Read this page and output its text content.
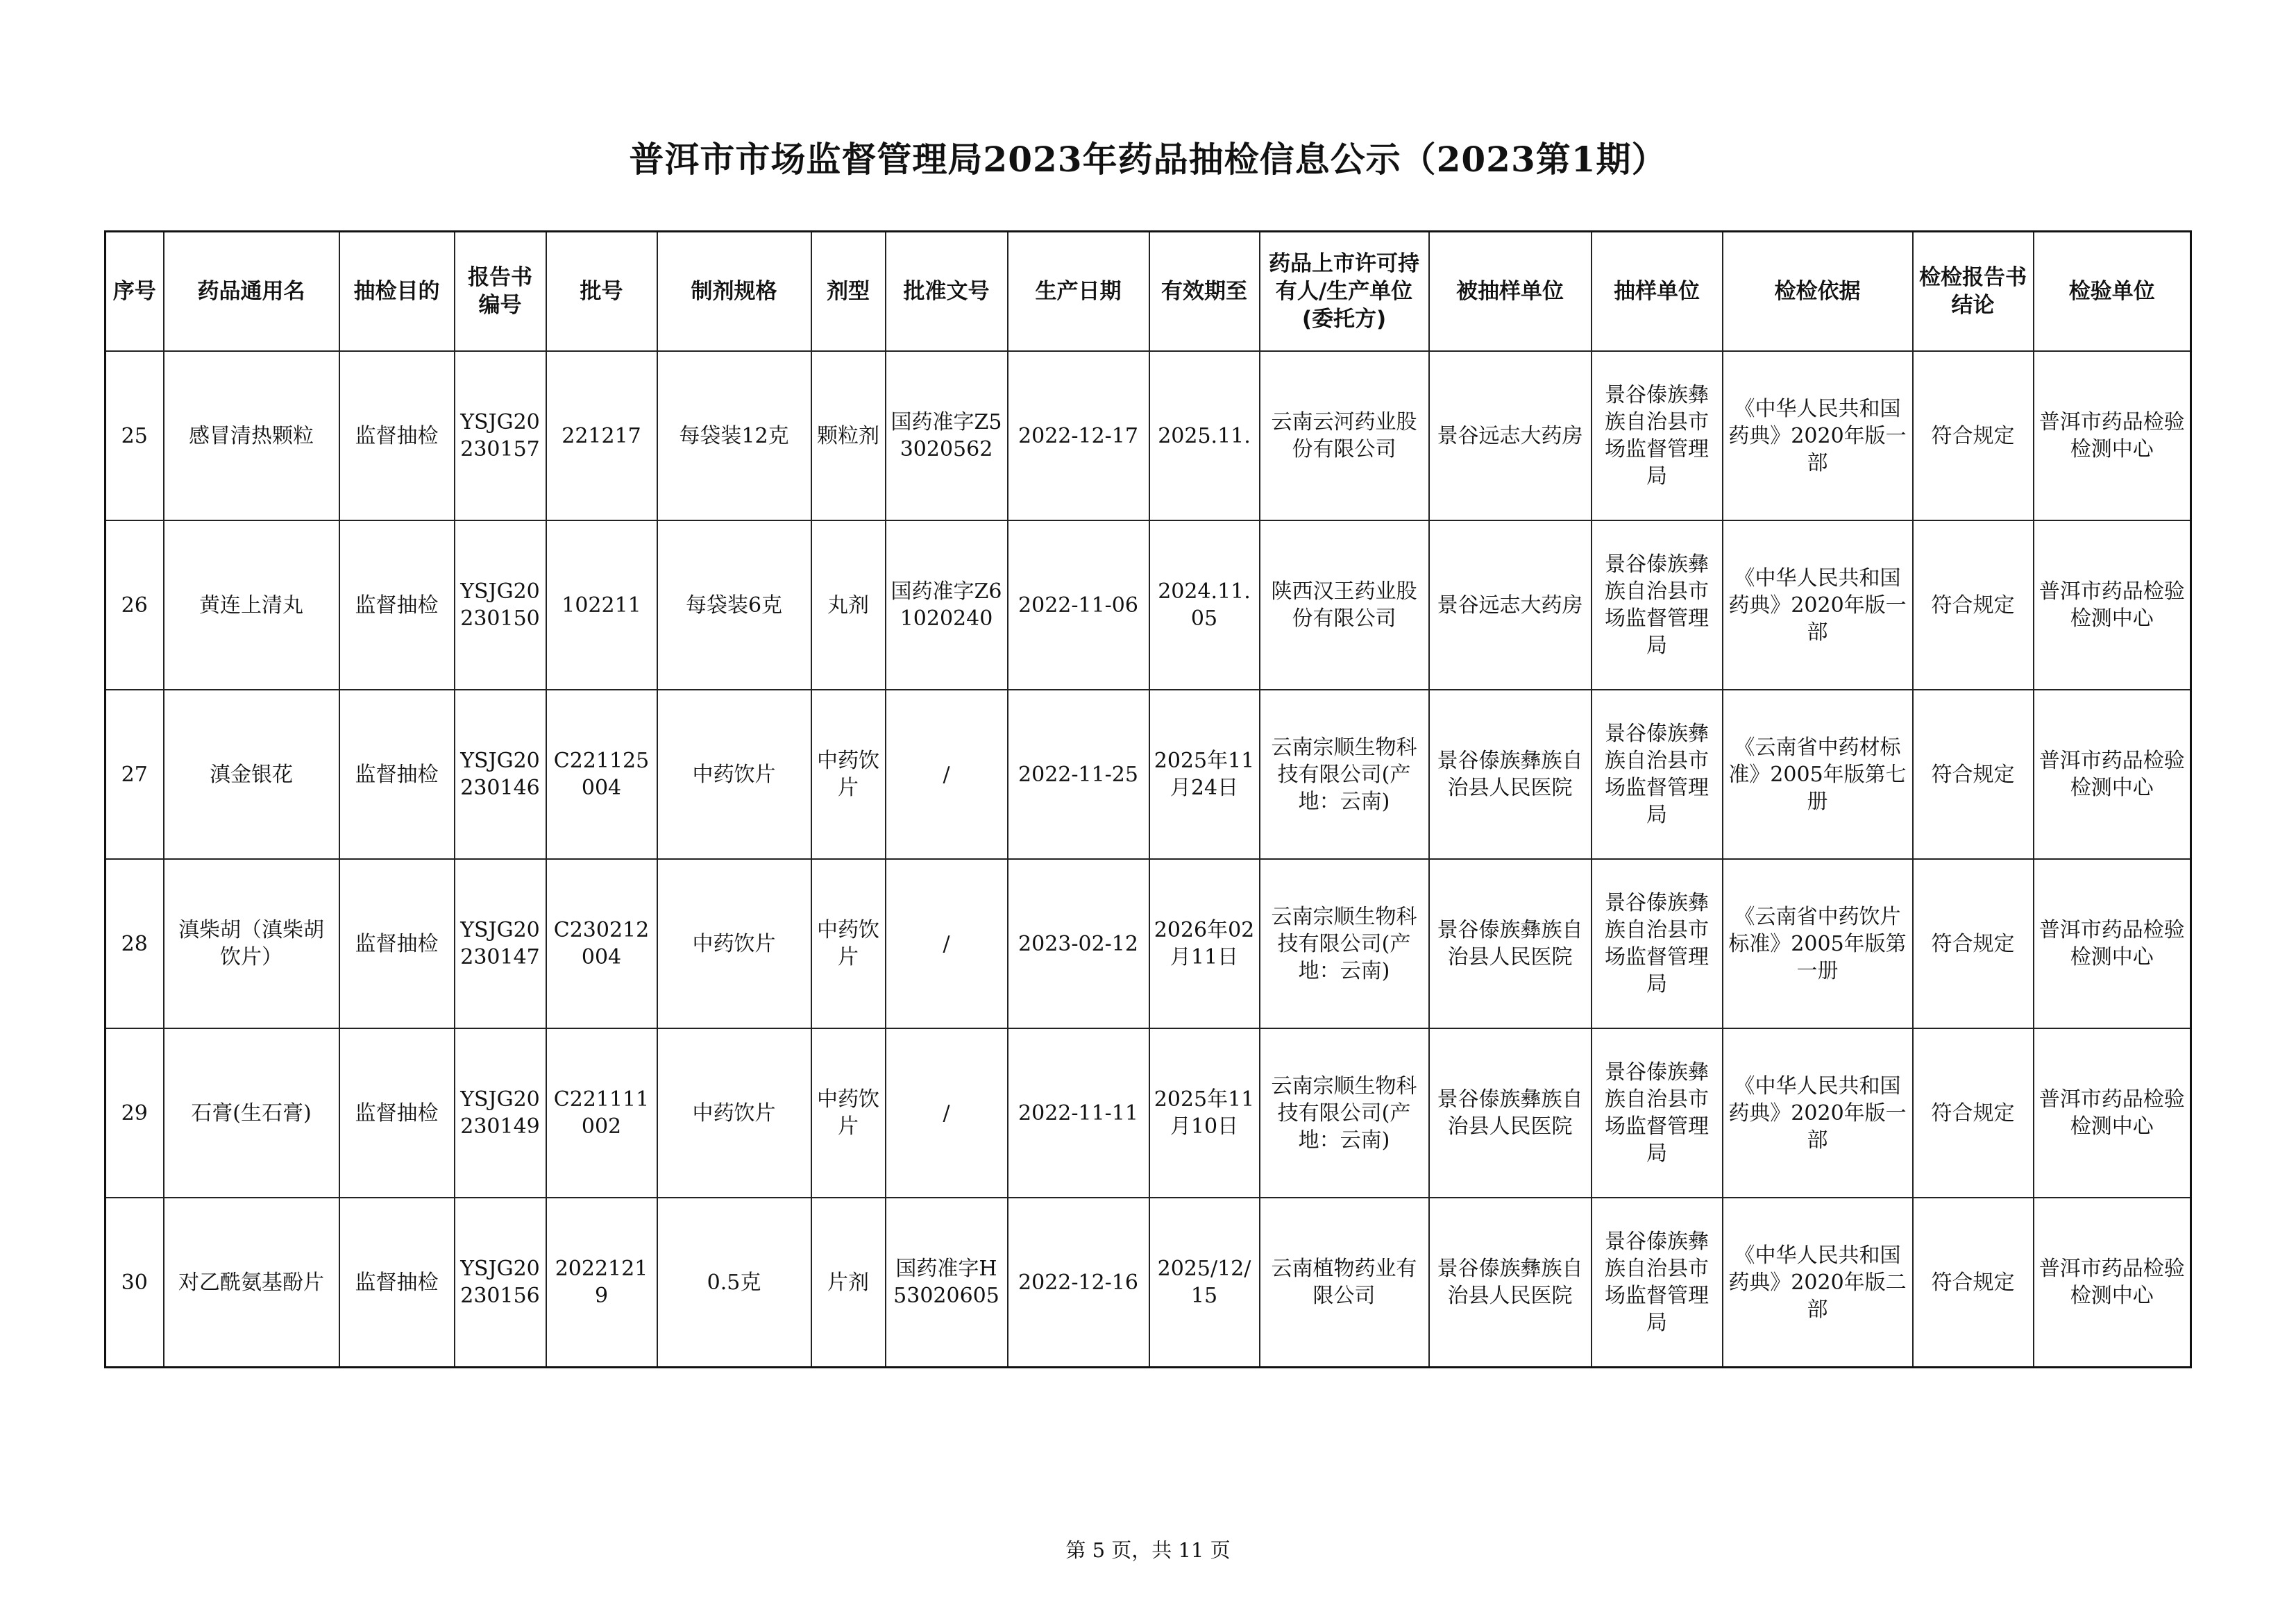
普洱市市场监督管理局2023年药品抽检信息公示（2023第1期）
序号	药品通用名	抽检目的	报告书编号	批号	制剂规格	剂型	批准文号	生产日期	有效期至	药品上市许可持有人/生产单位(委托方)	被抽样单位	抽样单位	检检依据	检检报告书结论	检验单位
25	感冒清热颗粒	监督抽检	YSJG20230157	221217	每袋装12克	颗粒剂	国药准字Z53020562	2022-12-17	2025.11.	云南云河药业股份有限公司	景谷远志大药房	景谷傣族彝族自治县市场监督管理局	《中华人民共和国药典》2020年版一部	符合规定	普洱市药品检验检测中心
26	黄连上清丸	监督抽检	YSJG20230150	102211	每袋装6克	丸剂	国药准字Z61020240	2022-11-06	2024.11.05	陕西汉王药业股份有限公司	景谷远志大药房	景谷傣族彝族自治县市场监督管理局	《中华人民共和国药典》2020年版一部	符合规定	普洱市药品检验检测中心
27	滇金银花	监督抽检	YSJG20230146	C221125004	中药饮片	中药饮片	/	2022-11-25	2025年11月24日	云南宗顺生物科技有限公司(产地：云南)	景谷傣族彝族自治县人民医院	景谷傣族彝族自治县市场监督管理局	《云南省中药材标准》2005年版第七册	符合规定	普洱市药品检验检测中心
28	滇柴胡（滇柴胡饮片）	监督抽检	YSJG20230147	C230212004	中药饮片	中药饮片	/	2023-02-12	2026年02月11日	云南宗顺生物科技有限公司(产地：云南)	景谷傣族彝族自治县人民医院	景谷傣族彝族自治县市场监督管理局	《云南省中药饮片标准》2005年版第一册	符合规定	普洱市药品检验检测中心
29	石膏(生石膏)	监督抽检	YSJG20230149	C221111002	中药饮片	中药饮片	/	2022-11-11	2025年11月10日	云南宗顺生物科技有限公司(产地：云南)	景谷傣族彝族自治县人民医院	景谷傣族彝族自治县市场监督管理局	《中华人民共和国药典》2020年版一部	符合规定	普洱市药品检验检测中心
30	对乙酰氨基酚片	监督抽检	YSJG20230156	20221219	0.5克	片剂	国药准字H53020605	2022-12-16	2025/12/15	云南植物药业有限公司	景谷傣族彝族自治县人民医院	景谷傣族彝族自治县市场监督管理局	《中华人民共和国药典》2020年版二部	符合规定	普洱市药品检验检测中心
第 5 页，共 11 页
